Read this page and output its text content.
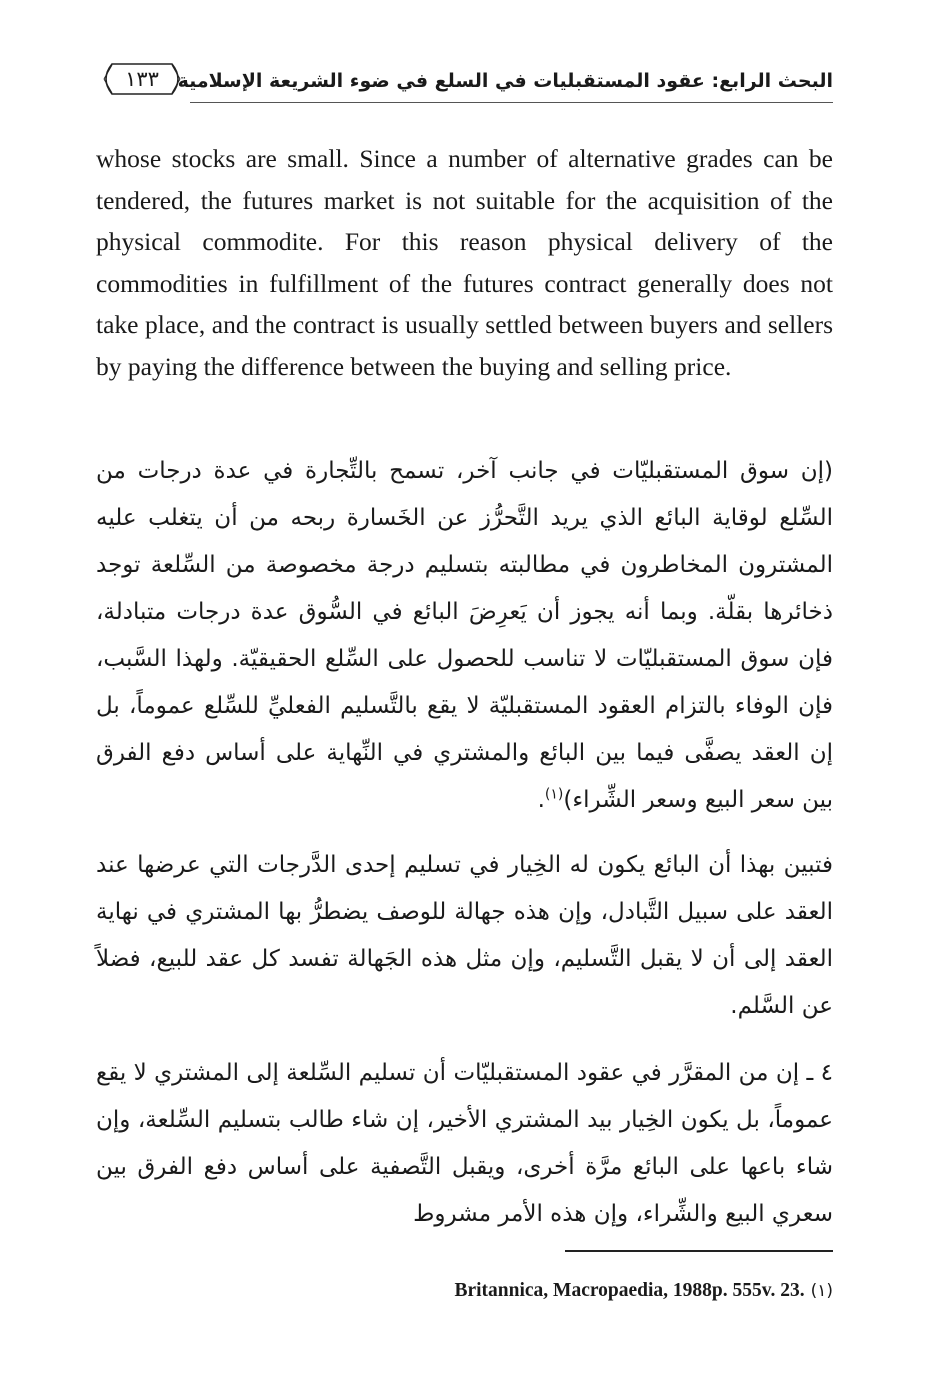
١٣٣ البحث الرابع: عقود المستقبليات في السلع في ضوء الشريعة الإسلامية

whose stocks are small. Since a number of alternative grades can be tendered, the futures market is not suitable for the acquisition of the physical commodite. For this reason physical delivery of the commodities in fulfillment of the futures contract generally does not take place, and the contract is usually settled between buyers and sellers by paying the difference between the buying and selling price.

(إن سوق المستقبليّات في جانب آخر، تسمح بالتِّجارة في عدة درجات من السِّلع لوقاية البائع الذي يريد التَّحرُّز عن الخَسارة ربحه من أن يتغلب عليه المشترون المخاطرون في مطالبته بتسليم درجة مخصوصة من السِّلعة توجد ذخائرها بقلّة. وبما أنه يجوز أن يَعرِضَ البائع في السُّوق عدة درجات متبادلة، فإن سوق المستقبليّات لا تناسب للحصول على السِّلع الحقيقيّة. ولهذا السَّبب، فإن الوفاء بالتزام العقود المستقبليّة لا يقع بالتَّسليم الفعليِّ للسِّلع عموماً، بل إن العقد يصفَّى فيما بين البائع والمشتري في النِّهاية على أساس دفع الفرق بين سعر البيع وسعر الشِّراء)$^{(١)}$.

فتبين بهذا أن البائع يكون له الخِيار في تسليم إحدى الدَّرجات التي عرضها عند العقد على سبيل التَّبادل، وإن هذه جهالة للوصف يضطرُّ بها المشتري في نهاية العقد إلى أن لا يقبل التَّسليم، وإن مثل هذه الجَهالة تفسد كل عقد للبيع، فضلاً عن السَّلم.

٤ ـ إن من المقرَّر في عقود المستقبليّات أن تسليم السِّلعة إلى المشتري لا يقع عموماً، بل يكون الخِيار بيد المشتري الأخير، إن شاء طالب بتسليم السِّلعة، وإن شاء باعها على البائع مرَّة أخرى، ويقبل التَّصفية على أساس دفع الفرق بين سعري البيع والشِّراء، وإن هذه الأمر مشروط

Britannica, Macropaedia, 1988p. 555v. 23. (١)
